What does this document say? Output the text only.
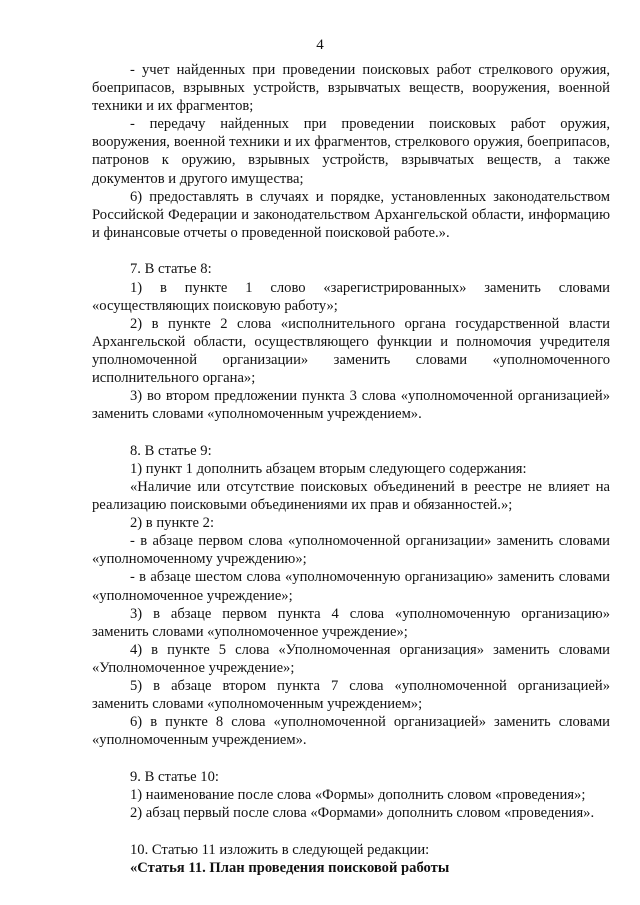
4

- учет найденных при проведении поисковых работ стрелкового оружия, боеприпасов, взрывных устройств, взрывчатых веществ, вооружения, военной техники и их фрагментов;

- передачу найденных при проведении поисковых работ оружия, вооружения, военной техники и их фрагментов, стрелкового оружия, боеприпасов, патронов к оружию, взрывных устройств, взрывчатых веществ, а также документов и другого имущества;

6) предоставлять в случаях и порядке, установленных законодательством Российской Федерации и законодательством Архангельской области, информацию и финансовые отчеты о проведенной поисковой работе.».

7. В статье 8:

1) в пункте 1 слово «зарегистрированных» заменить словами «осуществляющих поисковую работу»;

2) в пункте 2 слова «исполнительного органа государственной власти Архангельской области, осуществляющего функции и полномочия учредителя уполномоченной организации» заменить словами «уполномоченного исполнительного органа»;

3) во втором предложении пункта 3 слова «уполномоченной организацией» заменить словами «уполномоченным учреждением».

8. В статье 9:

1) пункт 1 дополнить абзацем вторым следующего содержания:

«Наличие или отсутствие поисковых объединений в реестре не влияет на реализацию поисковыми объединениями их прав и обязанностей.»;

2) в пункте 2:

- в абзаце первом слова «уполномоченной организации» заменить словами «уполномоченному учреждению»;

- в абзаце шестом слова «уполномоченную организацию» заменить словами «уполномоченное учреждение»;

3) в абзаце первом пункта 4 слова «уполномоченную организацию» заменить словами «уполномоченное учреждение»;

4) в пункте 5 слова «Уполномоченная организация» заменить словами «Уполномоченное учреждение»;

5) в абзаце втором пункта 7 слова «уполномоченной организацией» заменить словами «уполномоченным учреждением»;

6) в пункте 8 слова «уполномоченной организацией» заменить словами «уполномоченным учреждением».

9. В статье 10:

1) наименование после слова «Формы» дополнить словом «проведения»;

2) абзац первый после слова «Формами» дополнить словом «проведения».

10. Статью 11 изложить в следующей редакции:

«Статья 11. План проведения поисковой работы
